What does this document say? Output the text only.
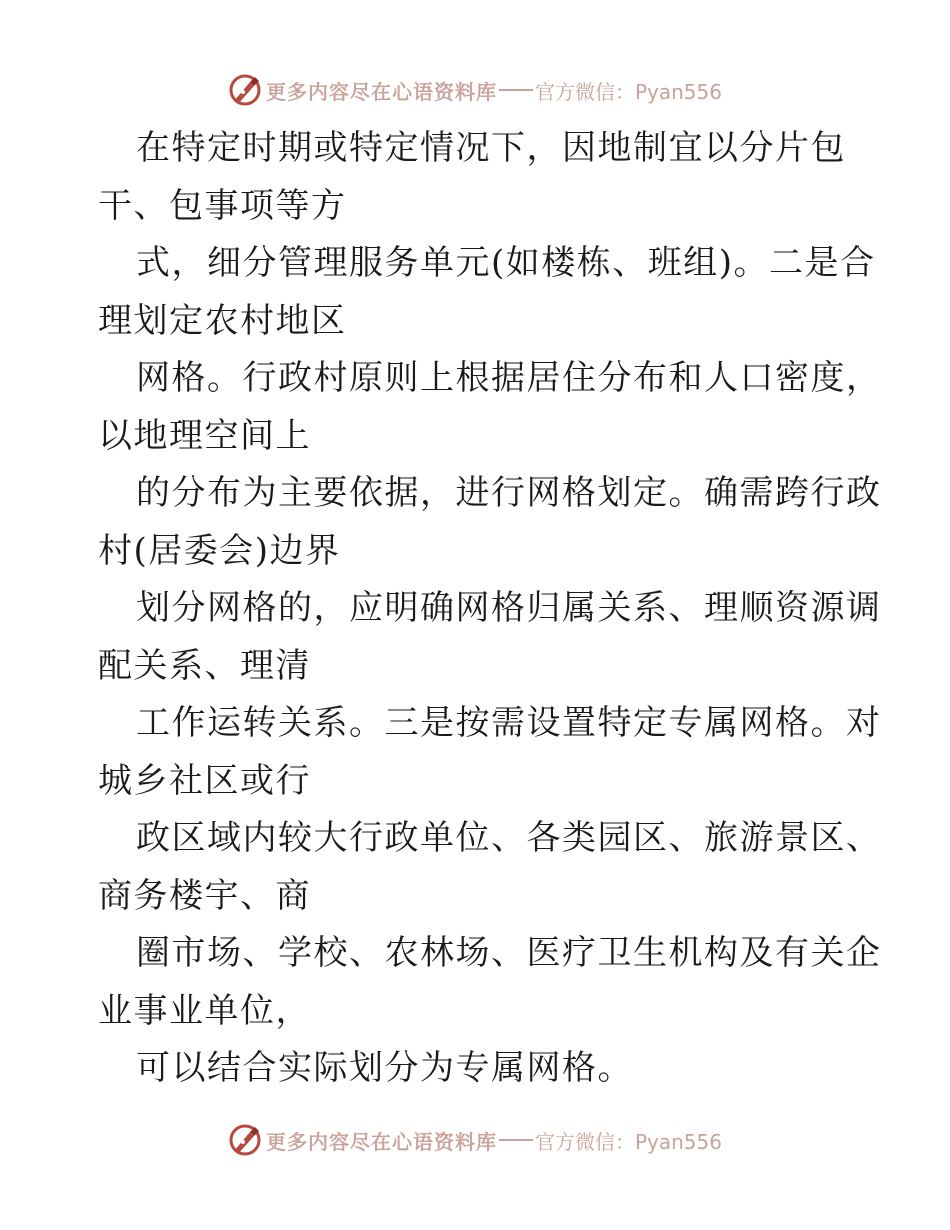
更多内容尽在心语资料库 官方微信：Pyan556
在特定时期或特定情况下，因地制宜以分片包
干、包事项等方
式，细分管理服务单元(如楼栋、班组)。二是合
理划定农村地区
网格。行政村原则上根据居住分布和人口密度，
以地理空间上
的分布为主要依据，进行网格划定。确需跨行政
村(居委会)边界
划分网格的，应明确网格归属关系、理顺资源调
配关系、理清
工作运转关系。三是按需设置特定专属网格。对
城乡社区或行
政区域内较大行政单位、各类园区、旅游景区、
商务楼宇、商
圈市场、学校、农林场、医疗卫生机构及有关企
业事业单位，
可以结合实际划分为专属网格。
更多内容尽在心语资料库 官方微信：Pyan556
